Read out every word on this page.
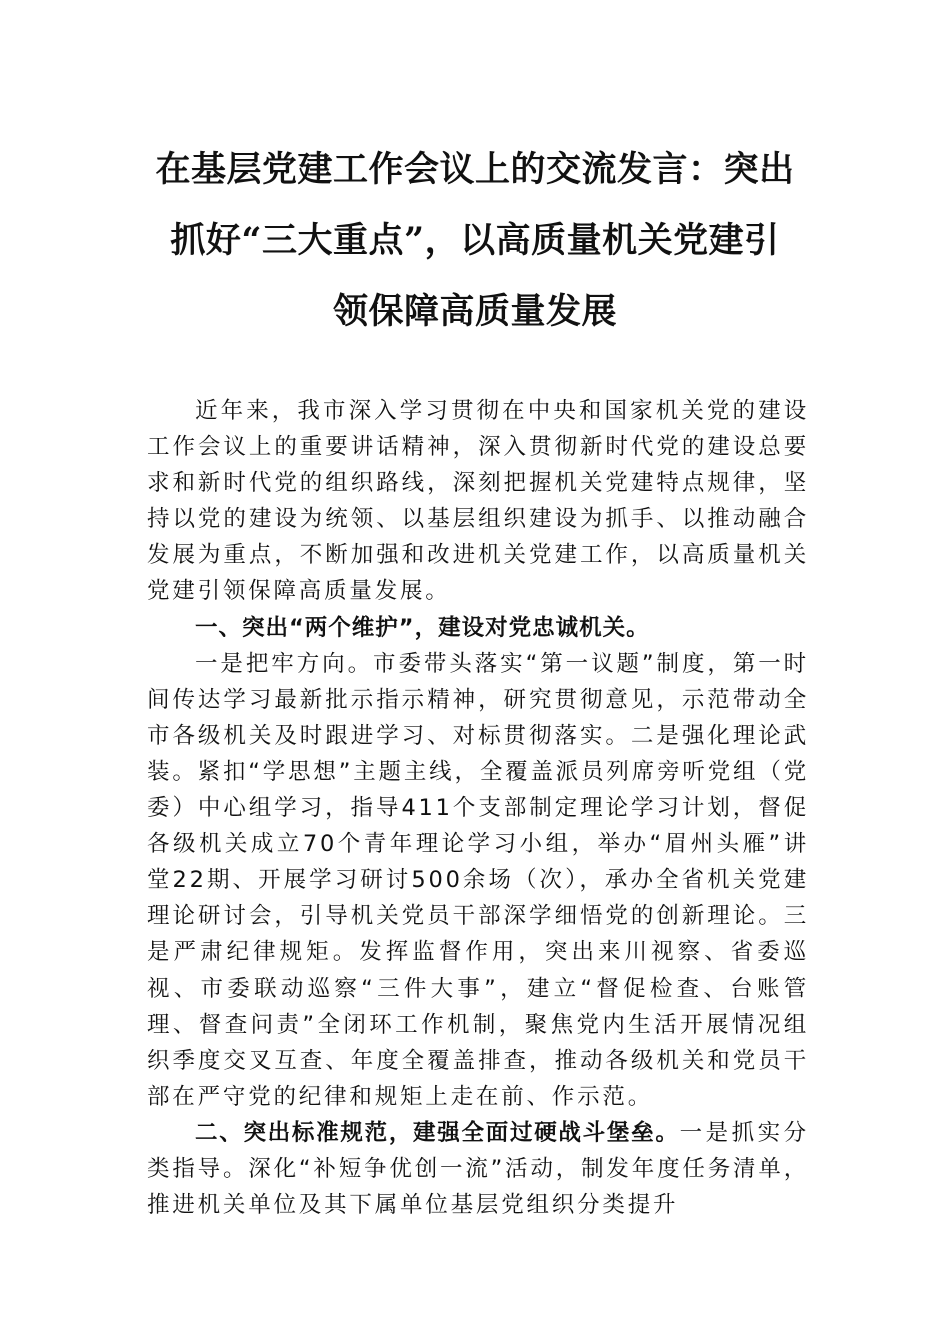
在基层党建工作会议上的交流发言：突出
抓好“三大重点”，以高质量机关党建引
领保障高质量发展

近年来，我市深入学习贯彻在中央和国家机关党的建设工作会议上的重要讲话精神，深入贯彻新时代党的建设总要求和新时代党的组织路线，深刻把握机关党建特点规律，坚持以党的建设为统领、以基层组织建设为抓手、以推动融合发展为重点，不断加强和改进机关党建工作，以高质量机关党建引领保障高质量发展。

一、突出“两个维护”，建设对党忠诚机关。

一是把牢方向。市委带头落实“第一议题”制度，第一时间传达学习最新批示指示精神，研究贯彻意见，示范带动全市各级机关及时跟进学习、对标贯彻落实。二是强化理论武装。紧扣“学思想”主题主线，全覆盖派员列席旁听党组（党委）中心组学习，指导411个支部制定理论学习计划，督促各级机关成立70个青年理论学习小组，举办“眉州头雁”讲堂22期、开展学习研讨500余场（次），承办全省机关党建理论研讨会，引导机关党员干部深学细悟党的创新理论。三是严肃纪律规矩。发挥监督作用，突出来川视察、省委巡视、市委联动巡察“三件大事”，建立“督促检查、台账管理、督查问责”全闭环工作机制，聚焦党内生活开展情况组织季度交叉互查、年度全覆盖排查，推动各级机关和党员干部在严守党的纪律和规矩上走在前、作示范。

二、突出标准规范，建强全面过硬战斗堡垒。一是抓实分类指导。深化“补短争优创一流”活动，制发年度任务清单，推进机关单位及其下属单位基层党组织分类提升
